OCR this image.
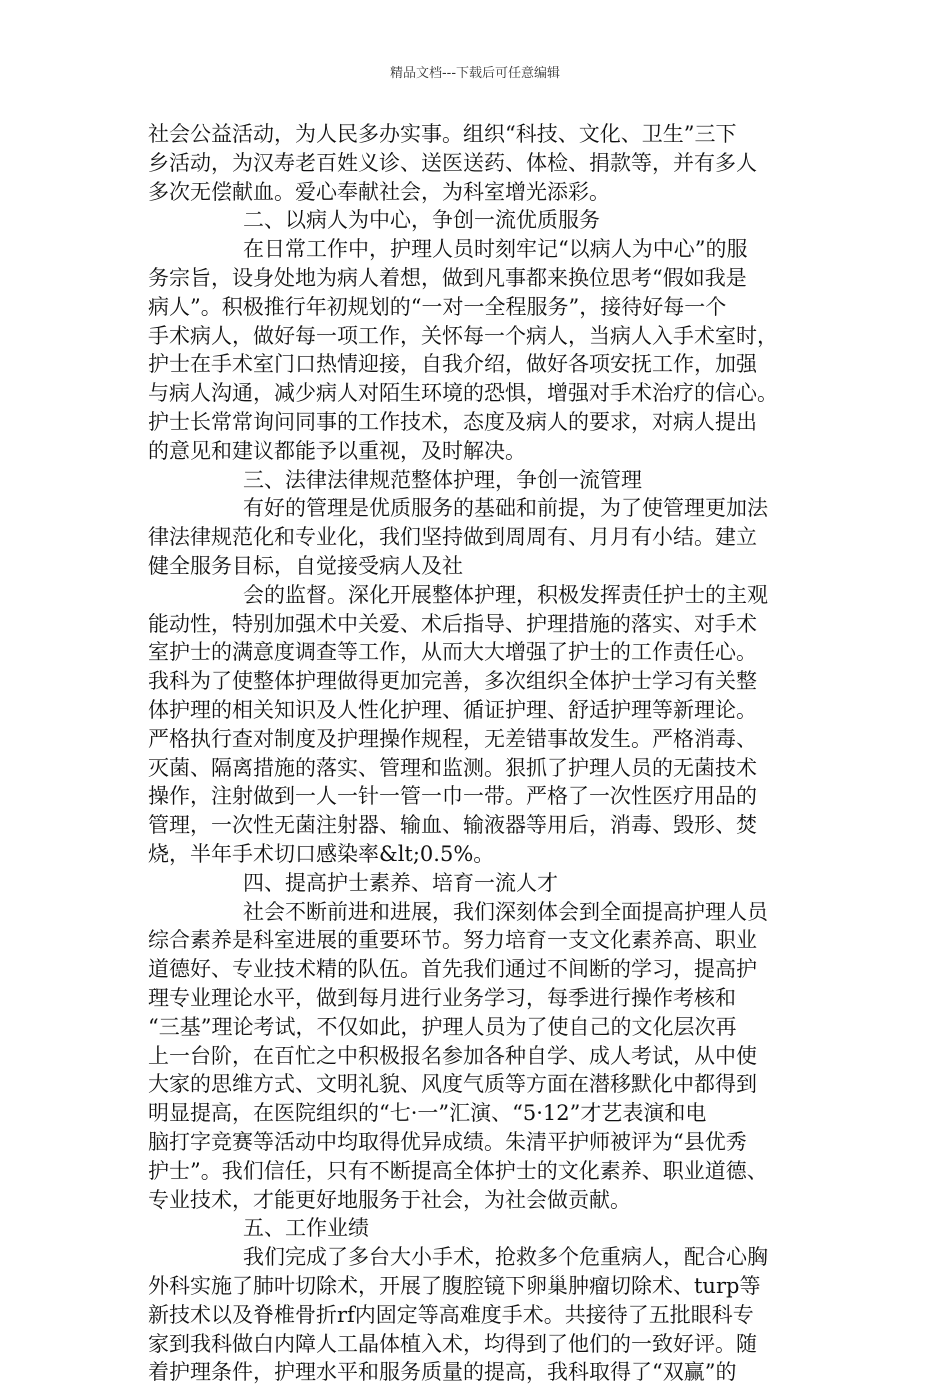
精品文档---下载后可任意编辑
社会公益活动，为人民多办实事。组织“科技、文化、卫生”三下
乡活动，为汉寿老百姓义诊、送医送药、体检、捐款等，并有多人
多次无偿献血。爱心奉献社会，为科室增光添彩。
二、以病人为中心，争创一流优质服务
在日常工作中，护理人员时刻牢记“以病人为中心”的服
务宗旨，设身处地为病人着想，做到凡事都来换位思考“假如我是
病人”。积极推行年初规划的“一对一全程服务”，接待好每一个
手术病人，做好每一项工作，关怀每一个病人，当病人入手术室时，
护士在手术室门口热情迎接，自我介绍，做好各项安抚工作，加强
与病人沟通，减少病人对陌生环境的恐惧，增强对手术治疗的信心。
护士长常常询问同事的工作技术，态度及病人的要求，对病人提出
的意见和建议都能予以重视，及时解决。
三、法律法律规范整体护理，争创一流管理
有好的管理是优质服务的基础和前提，为了使管理更加法
律法律规范化和专业化，我们坚持做到周周有、月月有小结。建立
健全服务目标，自觉接受病人及社
会的监督。深化开展整体护理，积极发挥责任护士的主观
能动性，特别加强术中关爱、术后指导、护理措施的落实、对手术
室护士的满意度调查等工作，从而大大增强了护士的工作责任心。
我科为了使整体护理做得更加完善，多次组织全体护士学习有关整
体护理的相关知识及人性化护理、循证护理、舒适护理等新理论。
严格执行查对制度及护理操作规程，无差错事故发生。严格消毒、
灭菌、隔离措施的落实、管理和监测。狠抓了护理人员的无菌技术
操作，注射做到一人一针一管一巾一带。严格了一次性医疗用品的
管理，一次性无菌注射器、输血、输液器等用后，消毒、毁形、焚
烧，半年手术切口感染率&lt;0.5%。
四、提高护士素养、培育一流人才
社会不断前进和进展，我们深刻体会到全面提高护理人员
综合素养是科室进展的重要环节。努力培育一支文化素养高、职业
道德好、专业技术精的队伍。首先我们通过不间断的学习，提高护
理专业理论水平，做到每月进行业务学习，每季进行操作考核和
“三基”理论考试，不仅如此，护理人员为了使自己的文化层次再
上一台阶，在百忙之中积极报名参加各种自学、成人考试，从中使
大家的思维方式、文明礼貌、风度气质等方面在潜移默化中都得到
明显提高，在医院组织的“七·一”汇演、“5·12”才艺表演和电
脑打字竞赛等活动中均取得优异成绩。朱清平护师被评为“县优秀
护士”。我们信任，只有不断提高全体护士的文化素养、职业道德、
专业技术，才能更好地服务于社会，为社会做贡献。
五、工作业绩
我们完成了多台大小手术，抢救多个危重病人，配合心胸
外科实施了肺叶切除术，开展了腹腔镜下卵巢肿瘤切除术、turp等
新技术以及脊椎骨折rf内固定等高难度手术。共接待了五批眼科专
家到我科做白内障人工晶体植入术，均得到了他们的一致好评。随
着护理条件，护理水平和服务质量的提高，我科取得了“双赢”的
